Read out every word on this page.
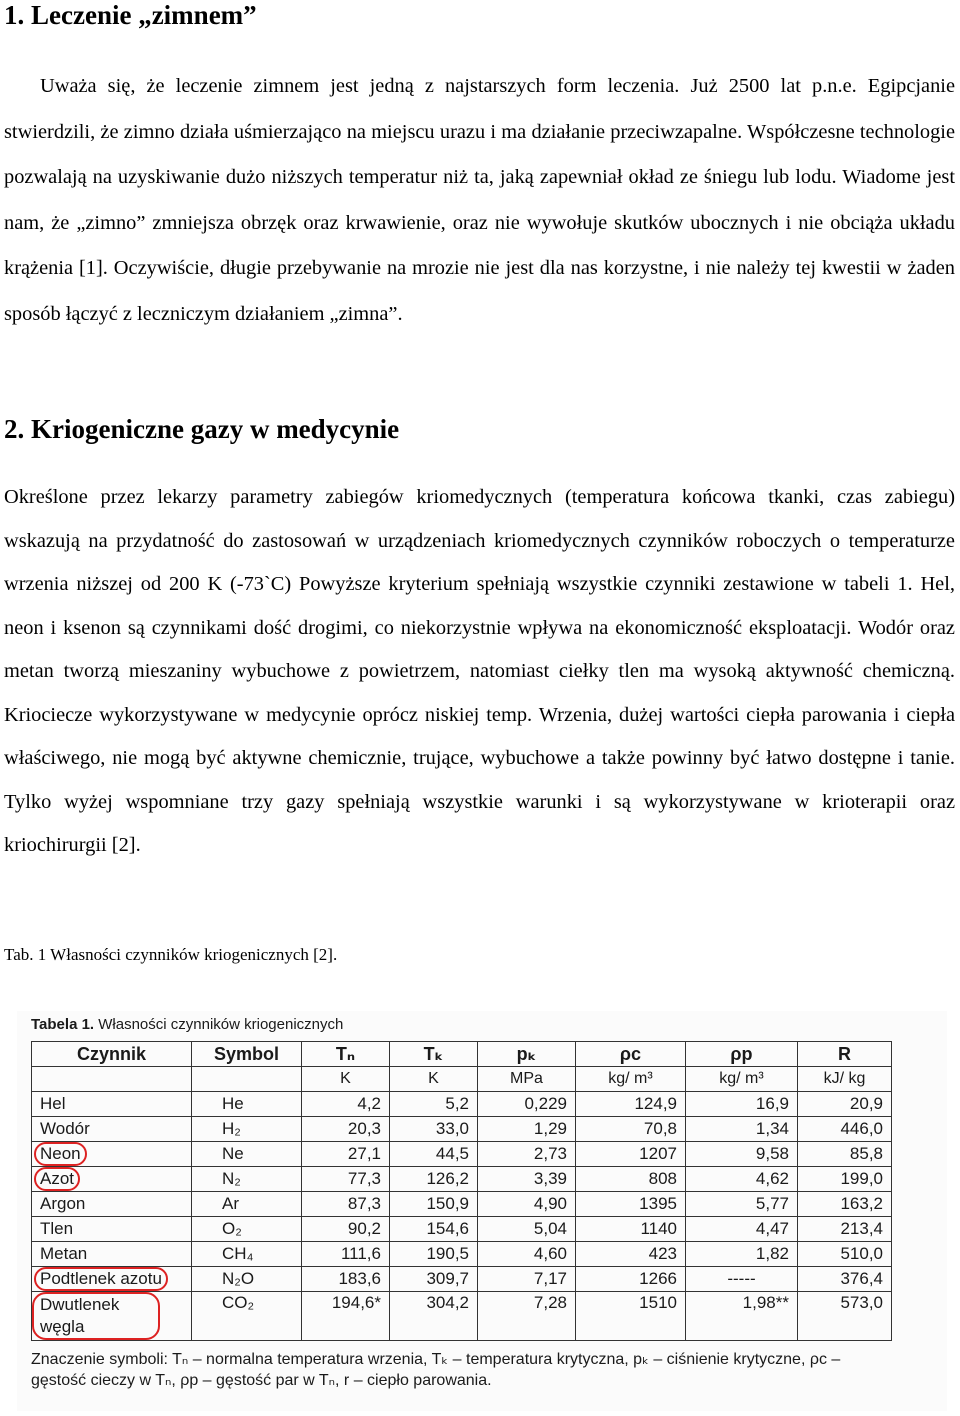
1. Leczenie „zimnem”

Uważa się, że leczenie zimnem jest jedną z najstarszych form leczenia. Już 2500 lat p.n.e. Egipcjanie stwierdzili, że zimno działa uśmierzająco na miejscu urazu i ma działanie przeciwzapalne. Współczesne technologie pozwalają na uzyskiwanie dużo niższych temperatur niż ta, jaką zapewniał okład ze śniegu lub lodu. Wiadome jest nam, że „zimno” zmniejsza obrzęk oraz krwawienie, oraz nie wywołuje skutków ubocznych i nie obciąża układu krążenia [1]. Oczywiście, długie przebywanie na mrozie nie jest dla nas korzystne, i nie należy tej kwestii w żaden sposób łączyć z leczniczym działaniem „zimna”.

2. Kriogeniczne gazy w medycynie

Określone przez lekarzy parametry zabiegów kriomedycznych (temperatura końcowa tkanki, czas zabiegu) wskazują na przydatność do zastosowań w urządzeniach kriomedycznych czynników roboczych o temperaturze wrzenia niższej od 200 K (-73`C) Powyższe kryterium spełniają wszystkie czynniki zestawione w tabeli 1. Hel, neon i ksenon są czynnikami dość drogimi, co niekorzystnie wpływa na ekonomiczność eksploatacji. Wodór oraz metan tworzą mieszaniny wybuchowe z powietrzem, natomiast ciełky tlen ma wysoką aktywność chemiczną. Kriociecze wykorzystywane w medycynie oprócz niskiej temp. Wrzenia, dużej wartości ciepła parowania i ciepła właściwego, nie mogą być aktywne chemicznie, trujące, wybuchowe a także powinny być łatwo dostępne i tanie. Tylko wyżej wspomniane trzy gazy spełniają wszystkie warunki i są wykorzystywane w krioterapii oraz kriochirurgii [2].

Tab. 1 Własności czynników kriogenicznych [2].
Tabela 1. Własności czynników kriogenicznych
Czynnik	Symbol	Tₙ	Tₖ	pₖ	ρc	ρp	R
		K	K	MPa	kg/ m³	kg/ m³	kJ/ kg
Hel	He	4,2	5,2	0,229	124,9	16,9	20,9
Wodór	H₂	20,3	33,0	1,29	70,8	1,34	446,0
Neon	Ne	27,1	44,5	2,73	1207	9,58	85,8
Azot	N₂	77,3	126,2	3,39	808	4,62	199,0
Argon	Ar	87,3	150,9	4,90	1395	5,77	163,2
Tlen	O₂	90,2	154,6	5,04	1140	4,47	213,4
Metan	CH₄	111,6	190,5	4,60	423	1,82	510,0
Podtlenek azotu	N₂O	183,6	309,7	7,17	1266	-----	376,4
Dwutlenek węgla	CO₂	194,6*	304,2	7,28	1510	1,98**	573,0
Znaczenie symboli: Tₙ – normalna temperatura wrzenia, Tₖ – temperatura krytyczna, pₖ – ciśnienie krytyczne, ρc –
gęstość cieczy w Tₙ, ρp – gęstość par w Tₙ, r – ciepło parowania.
